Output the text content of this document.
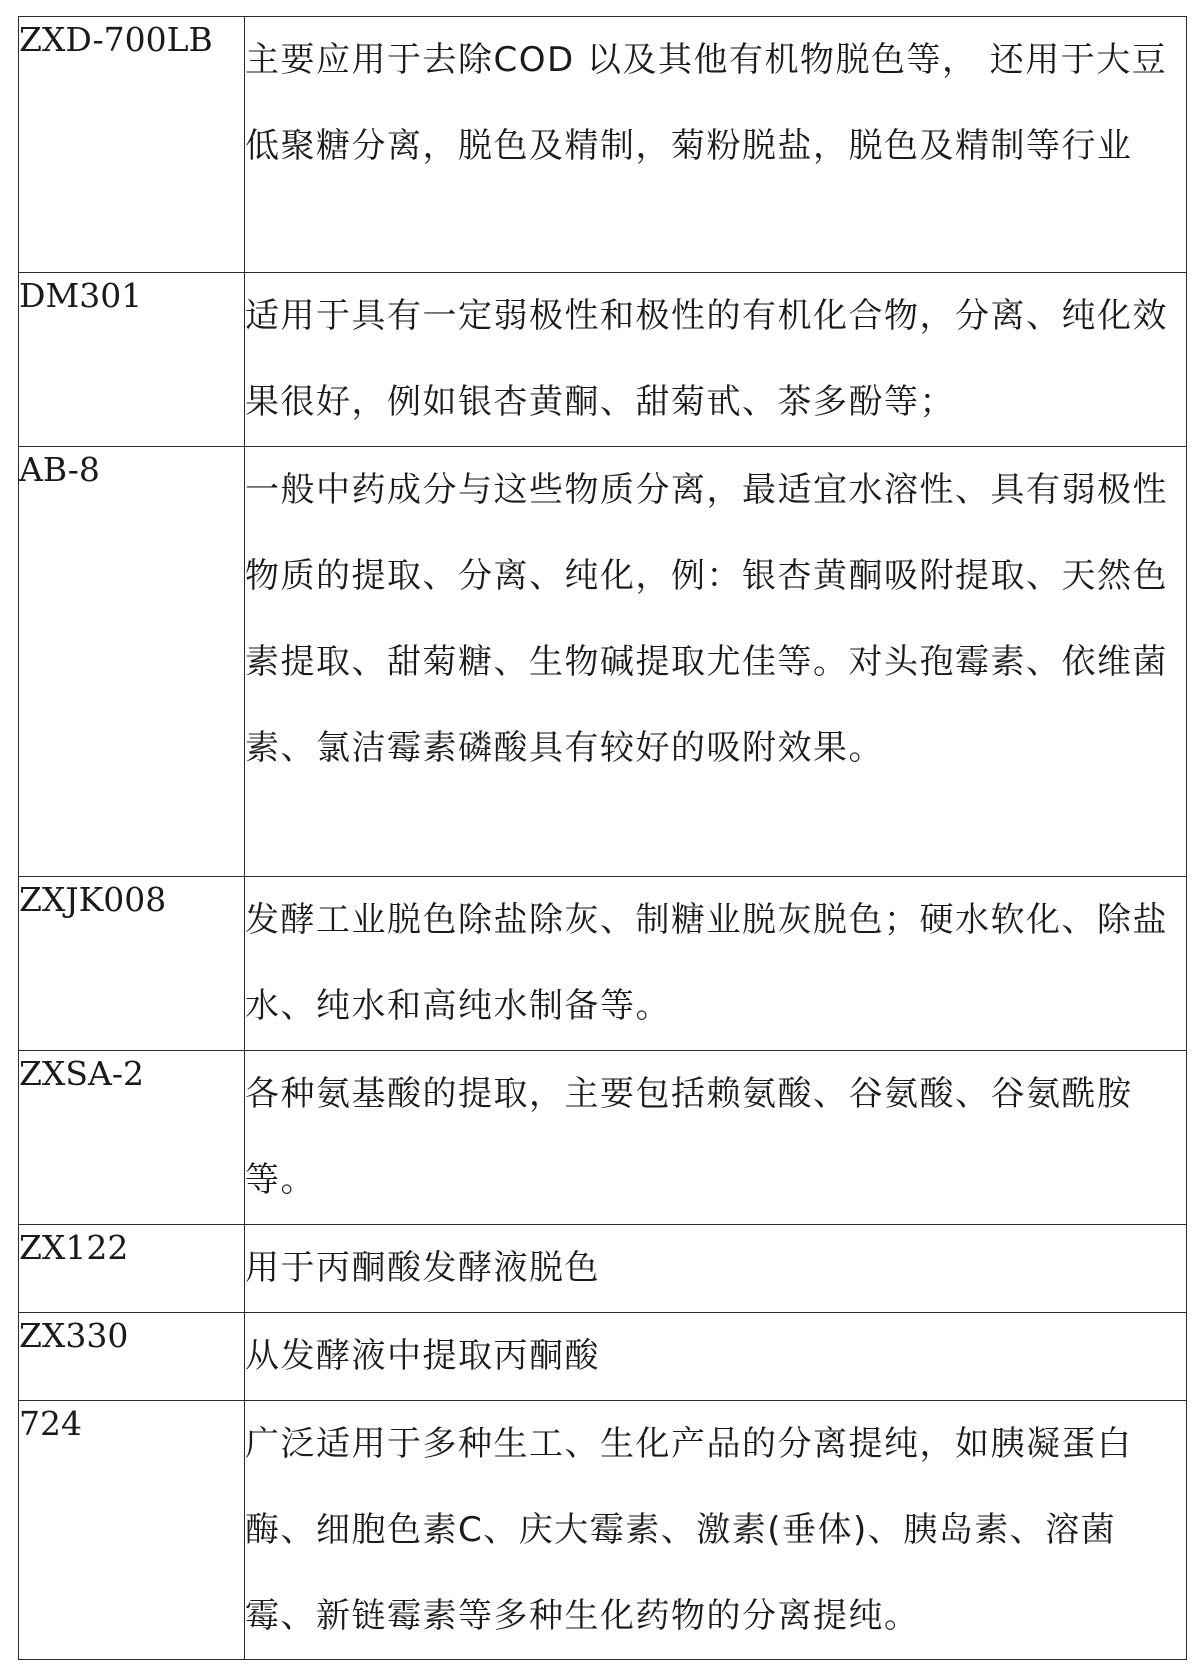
ZXD-700LB	主要应用于去除COD 以及其他有机物脱色等， 还用于大豆低聚糖分离，脱色及精制，菊粉脱盐，脱色及精制等行业
DM301	适用于具有一定弱极性和极性的有机化合物，分离、纯化效果很好，例如银杏黄酮、甜菊甙、茶多酚等；
AB-8	一般中药成分与这些物质分离，最适宜水溶性、具有弱极性物质的提取、分离、纯化，例：银杏黄酮吸附提取、天然色素提取、甜菊糖、生物碱提取尤佳等。对头孢霉素、依维菌素、氯洁霉素磷酸具有较好的吸附效果。
ZXJK008	发酵工业脱色除盐除灰、制糖业脱灰脱色；硬水软化、除盐水、纯水和高纯水制备等。
ZXSA-2	各种氨基酸的提取，主要包括赖氨酸、谷氨酸、谷氨酰胺等。
ZX122	用于丙酮酸发酵液脱色
ZX330	从发酵液中提取丙酮酸
724	广泛适用于多种生工、生化产品的分离提纯，如胰凝蛋白酶、细胞色素C、庆大霉素、激素(垂体)、胰岛素、溶菌霉、新链霉素等多种生化药物的分离提纯。
